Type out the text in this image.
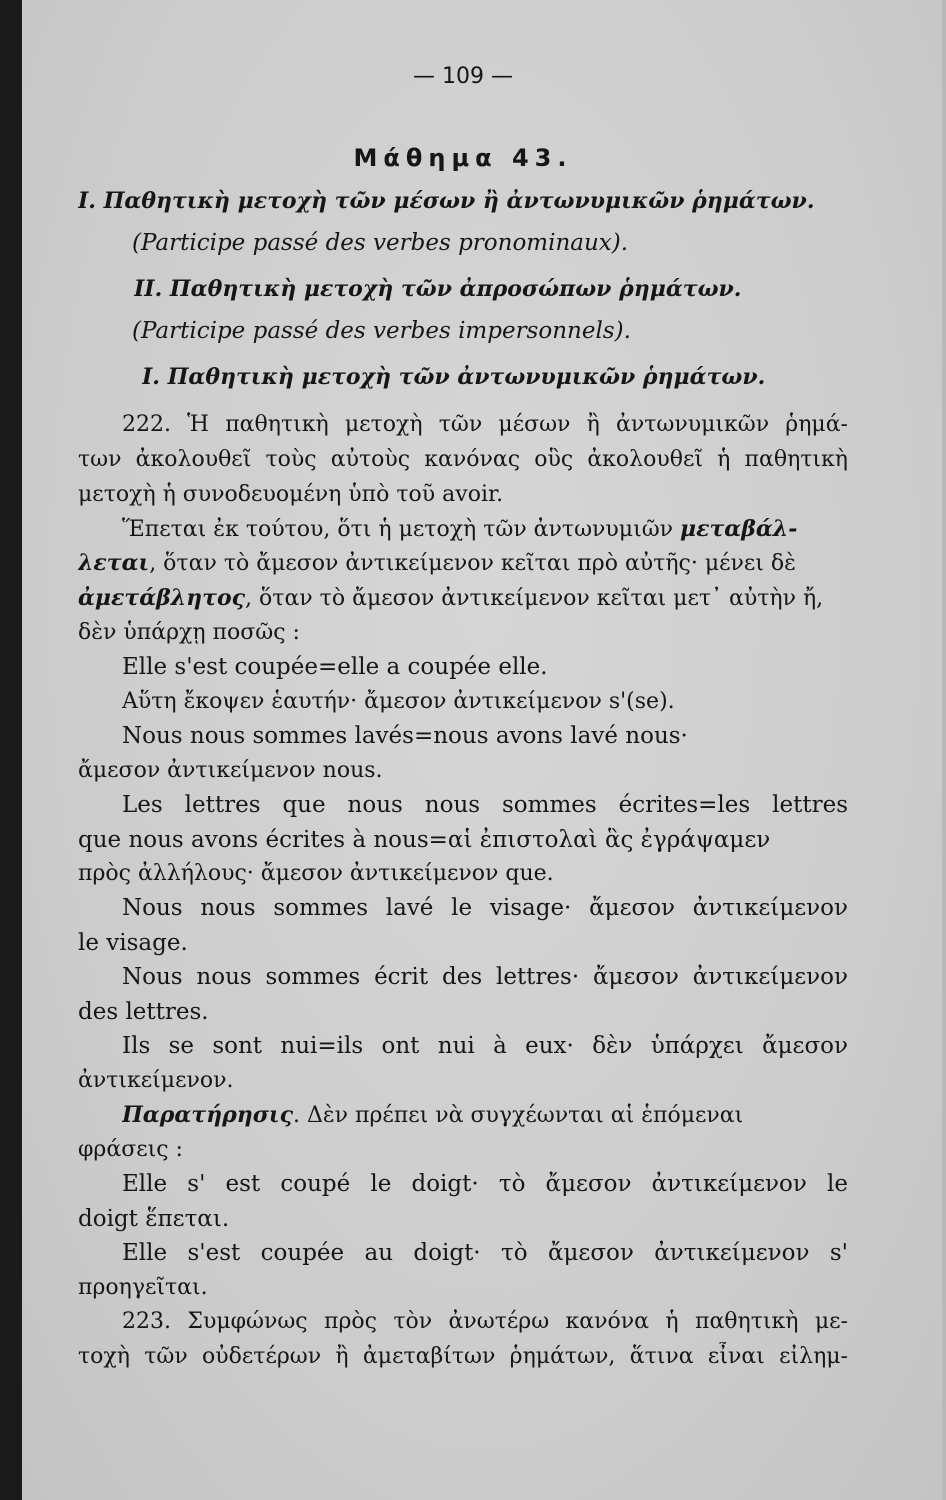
— 109 —
Μάθημα 43.
Ι. Παθητικὴ μετοχὴ τῶν μέσων ἢ ἀντωνυμικῶν ῥημάτων.
(Participe passé des verbes pronominaux).
ΙΙ. Παθητικὴ μετοχὴ τῶν ἀπροσώπων ῥημάτων.
(Participe passé des verbes impersonnels).
Ι. Παθητικὴ μετοχὴ τῶν ἀντωνυμικῶν ῥημάτων.
222. Ἡ παθητικὴ μετοχὴ τῶν μέσων ἢ ἀντωνυμικῶν ῥημά-
των ἀκολουθεῖ τοὺς αὐτοὺς κανόνας οὓς ἀκολουθεῖ ἡ παθητικὴ
μετοχὴ ἡ συνοδευομένη ὑπὸ τοῦ avoir.
Ἕπεται ἐκ τούτου, ὅτι ἡ μετοχὴ τῶν ἀντωνυμιῶν μεταβάλ-
λεται, ὅταν τὸ ἄμεσον ἀντικείμενον κεῖται πρὸ αὐτῆς· μένει δὲ
ἀμετάβλητος, ὅταν τὸ ἄμεσον ἀντικείμενον κεῖται μετ᾽ αὐτὴν ἤ,
δὲν ὑπάρχῃ ποσῶς :
Elle s'est coupée=elle a coupée elle.
Αὕτη ἔκοψεν ἑαυτήν· ἄμεσον ἀντικείμενον s'(se).
Nous nous sommes lavés=nous avons lavé nous·
ἄμεσον ἀντικείμενον nous.
Les lettres que nous nous sommes écrites=les lettres
que nous avons écrites à nous=αἱ ἐπιστολαὶ ἃς ἐγράψαμεν
πρὸς ἀλλήλους· ἄμεσον ἀντικείμενον que.
Nous nous sommes lavé le visage· ἄμεσον ἀντικείμενον
le visage.
Nous nous sommes écrit des lettres· ἄμεσον ἀντικείμενον
des lettres.
Ils se sont nui=ils ont nui à eux· δὲν ὑπάρχει ἄμεσον
ἀντικείμενον.
Παρατήρησις. Δὲν πρέπει νὰ συγχέωνται αἱ ἑπόμεναι
φράσεις :
Elle s' est coupé le doigt· τὸ ἄμεσον ἀντικείμενον le
doigt ἕπεται.
Elle s'est coupée au doigt· τὸ ἄμεσον ἀντικείμενον s'
προηγεῖται.
223. Συμφώνως πρὸς τὸν ἀνωτέρω κανόνα ἡ παθητικὴ με-
τοχὴ τῶν οὐδετέρων ἢ ἀμεταβίτων ῥημάτων, ἅτινα εἶναι εἰλημ-
